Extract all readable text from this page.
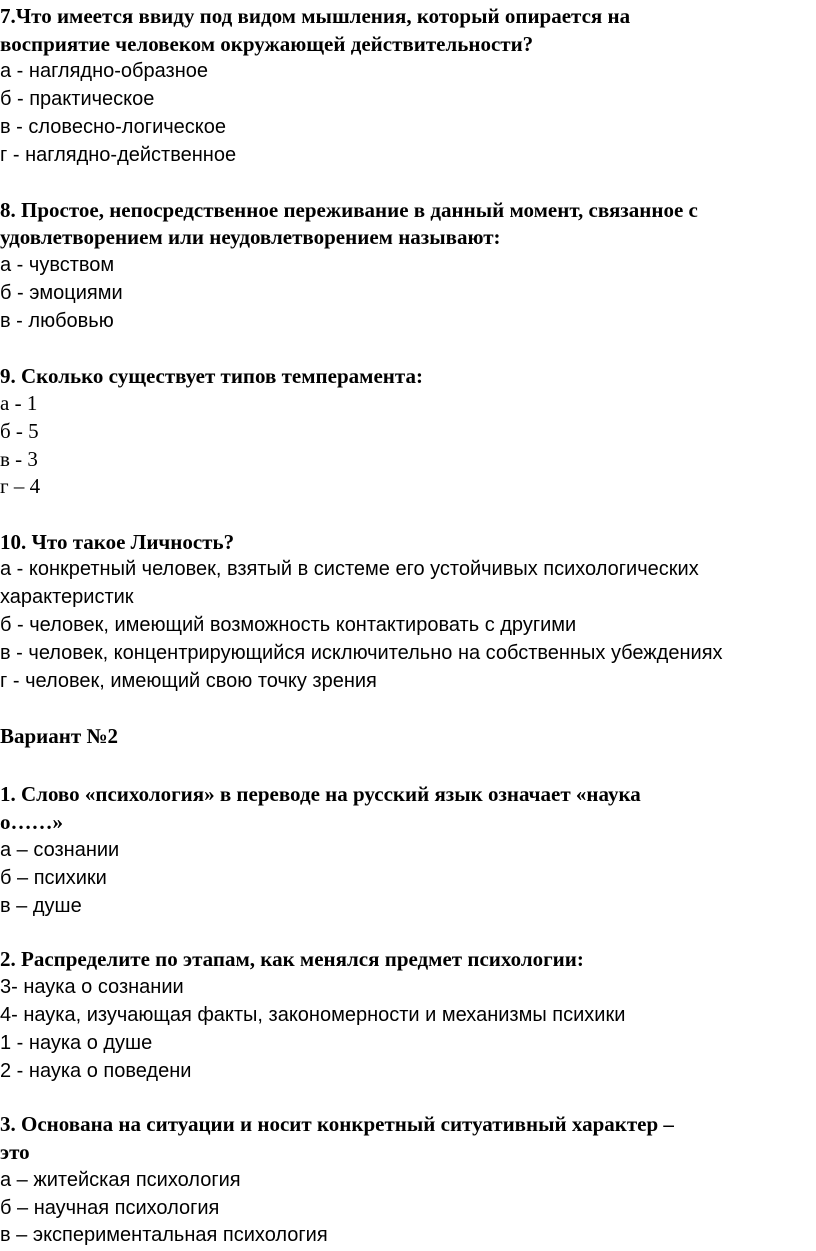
7.Что имеется ввиду под видом мышления, который опирается на
восприятие человеком окружающей действительности?
а - наглядно-образное
б - практическое
в - словесно-логическое
г - наглядно-действенное
8. Простое, непосредственное переживание в данный момент, связанное с
удовлетворением или неудовлетворением называют:
а - чувством
б - эмоциями
в - любовью
9. Сколько существует типов темперамента:
а - 1
б - 5
в - 3
г – 4
10. Что такое Личность?
а - конкретный человек, взятый в системе его устойчивых психологических
характеристик
б - человек, имеющий возможность контактировать с другими
в - человек, концентрирующийся исключительно на собственных убеждениях
г - человек, имеющий свою точку зрения
Вариант №2
1. Слово «психология» в переводе на русский язык означает «наука
о……»
а – сознании
б – психики
в – душе
2. Распределите по этапам, как менялся предмет психологии:
3- наука о сознании
4- наука, изучающая факты, закономерности и механизмы психики
1 - наука о душе
2 - наука о поведени
3. Основана на ситуации и носит конкретный ситуативный характер –
это
а – житейская психология
б – научная психология
в – экспериментальная психология
